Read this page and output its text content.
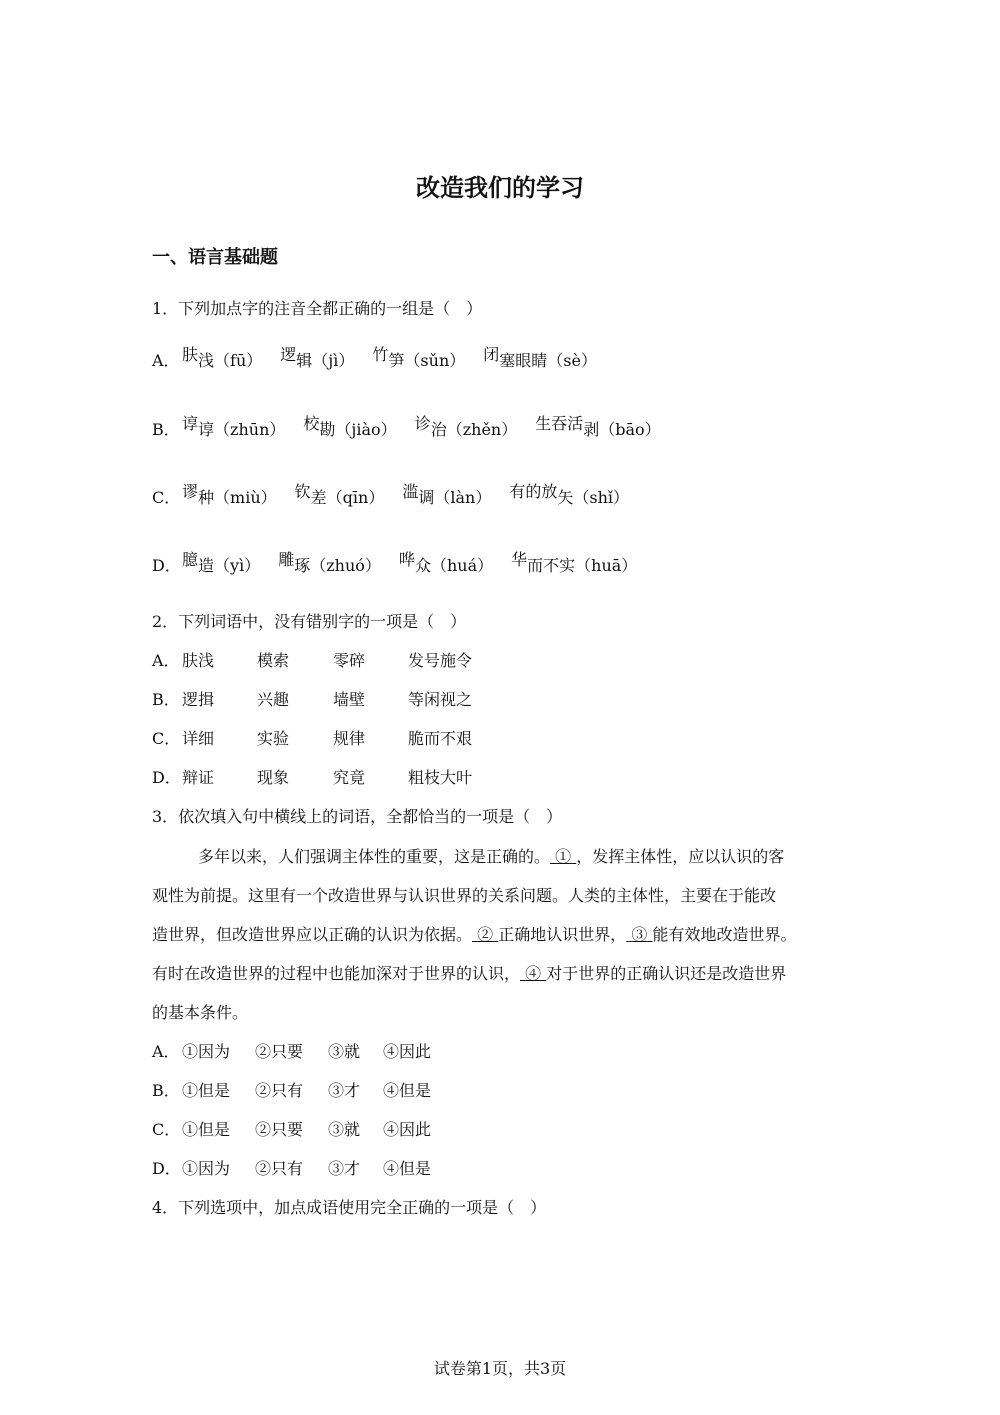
改造我们的学习
一、语言基础题
1．下列加点字的注音全都正确的一组是（　）
A． 肤浅（fū） 逻辑（jì） 竹笋（sǔn） 闭塞眼睛（sè）
B． 谆谆（zhūn） 校勘（jiào） 诊治（zhěn） 生吞活剥（bāo）
C． 谬种（miù） 钦差（qīn） 滥调（làn） 有的放矢（shǐ）
D．臆造（yì） 雕琢（zhuó） 哗众（huá） 华而不实（huā）
2．下列词语中，没有错别字的一项是（　）
A． 肤浅	模索	零碎	发号施令
B． 逻揖	兴趣	墙壁	等闲视之
C． 详细	实验	规律	脆而不艰
D．辩证	现象	究竟	粗枝大叶
3．依次填入句中横线上的词语，全都恰当的一项是（　）
多年以来，人们强调主体性的重要，这是正确的。 ① ，发挥主体性，应以认识的客
观性为前提。这里有一个改造世界与认识世界的关系问题。人类的主体性，主要在于能改
造世界，但改造世界应以正确的认识为依据。 ② 正确地认识世界， ③ 能有效地改造世界。
有时在改造世界的过程中也能加深对于世界的认识， ④ 对于世界的正确认识还是改造世界
的基本条件。
A． ①因为 ②只要 ③就 ④因此
B． ①但是 ②只有 ③才 ④但是
C． ①但是 ②只要 ③就 ④因此
D．①因为 ②只有 ③才 ④但是
4．下列选项中，加点成语使用完全正确的一项是（　）
试卷第1页，共3页
